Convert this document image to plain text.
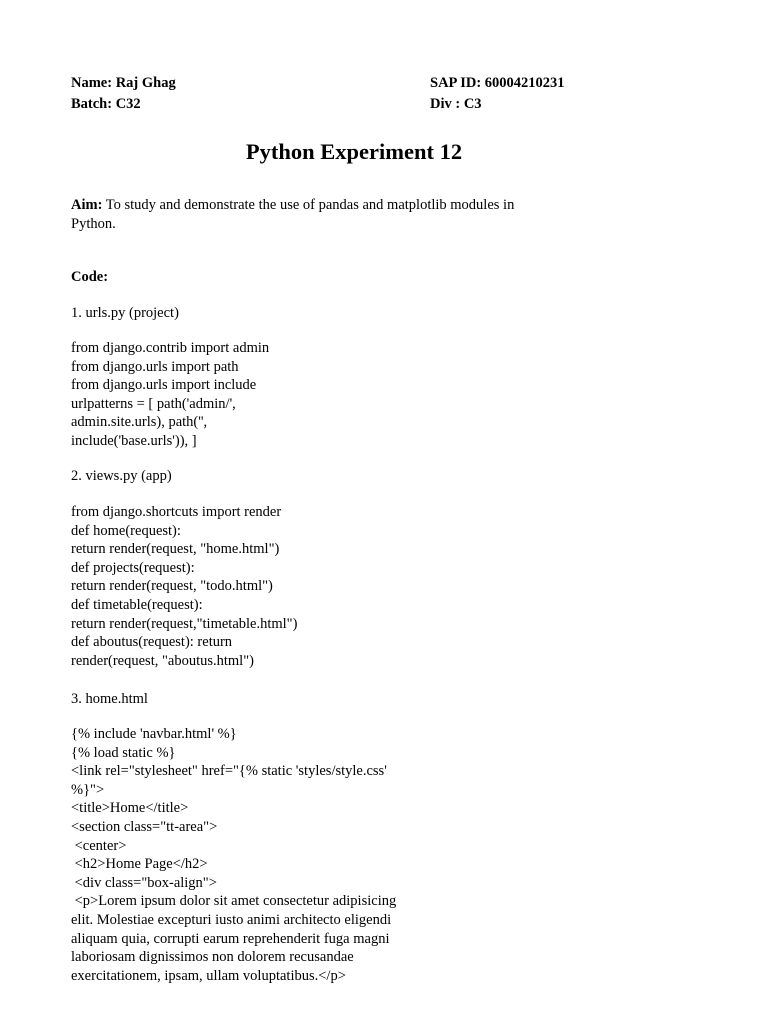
Name: Raj Ghag
Batch: C32
SAP ID: 60004210231
Div : C3
Python Experiment 12
Aim: To study and demonstrate the use of pandas and matplotlib modules in
Python.
Code:
1. urls.py (project)
from django.contrib import admin
from django.urls import path
from django.urls import include
urlpatterns = [ path('admin/',
admin.site.urls), path('',
include('base.urls')), ]
2. views.py (app)
from django.shortcuts import render
def home(request):
return render(request, "home.html")
def projects(request):
return render(request, "todo.html")
def timetable(request):
return render(request,"timetable.html")
def aboutus(request): return
render(request, "aboutus.html")
3. home.html
{% include 'navbar.html' %}
{% load static %}
<link rel="stylesheet" href="{% static 'styles/style.css'
%}">
<title>Home</title>
<section class="tt-area">
<center>
<h2>Home Page</h2>
<div class="box-align">
<p>Lorem ipsum dolor sit amet consectetur adipisicing
elit. Molestiae excepturi iusto animi architecto eligendi
aliquam quia, corrupti earum reprehenderit fuga magni
laboriosam dignissimos non dolorem recusandae
exercitationem, ipsam, ullam voluptatibus.</p>
